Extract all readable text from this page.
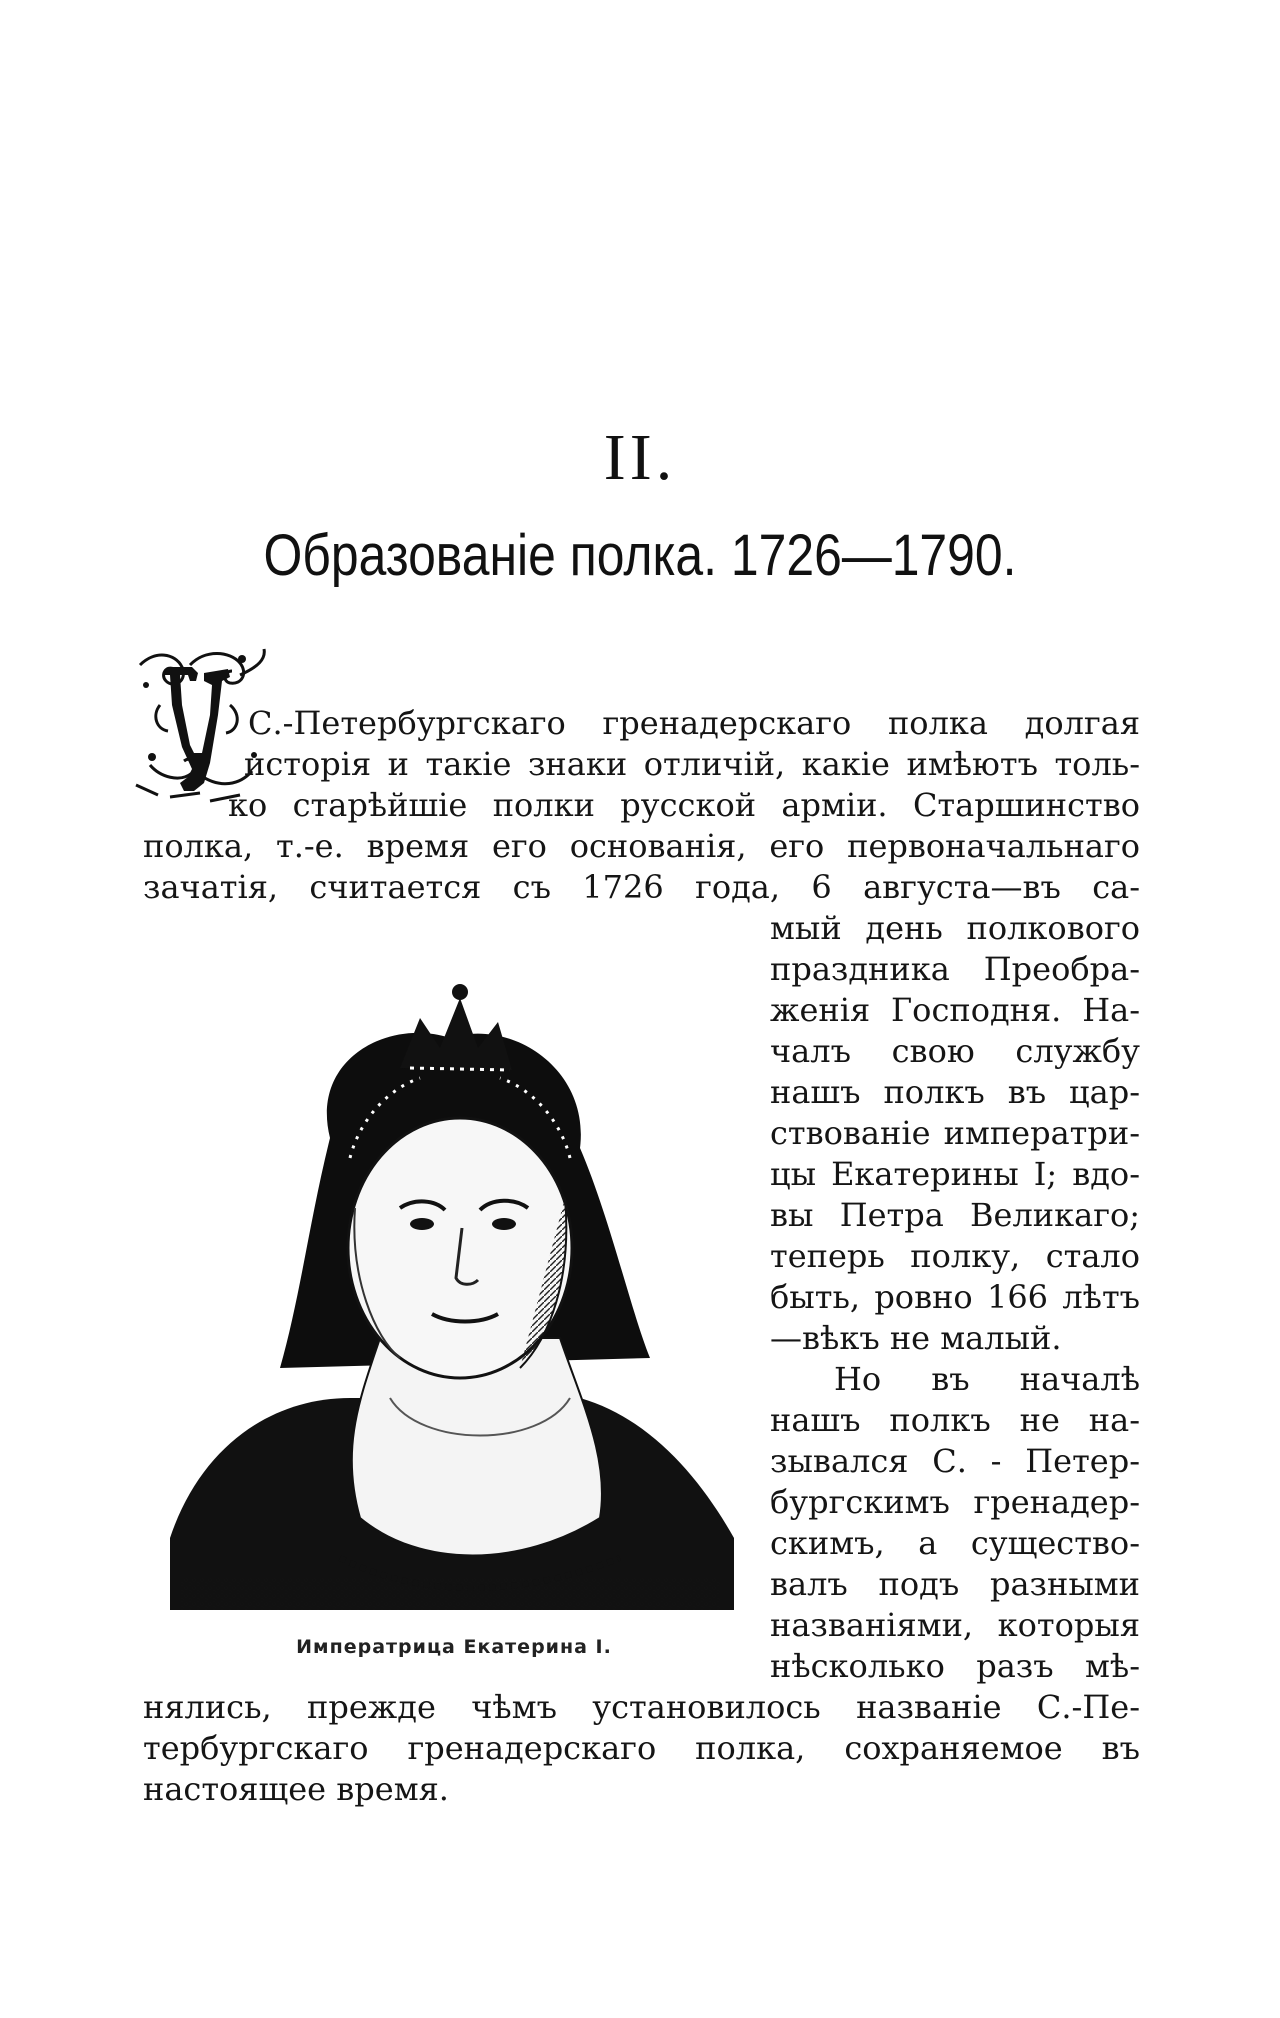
II.
Образованіе полка. 1726—1790.
С.-Петербургскаго гренадерскаго полка долгая
исторія и такіе знаки отличій, какіе имѣютъ толь-
ко старѣйшіе полки русской арміи. Старшинство
полка, т.-е. время его основанія, его первоначальнаго
зачатія, считается съ 1726 года, 6 августа—въ са-
мый день полкового
праздника Преобра-
женія Господня. На-
чалъ свою службу
нашъ полкъ въ цар-
ствованіе императри-
цы Екатерины I; вдо-
вы Петра Великаго;
теперь полку, стало
быть, ровно 166 лѣтъ
—вѣкъ не малый.
Но въ началѣ
нашъ полкъ не на-
зывался С. - Петер-
бургскимъ гренадер-
скимъ, а существо-
валъ подъ разными
названіями, которыя
нѣсколько разъ мѣ-
нялись, прежде чѣмъ установилось названіе С.-Пе-
тербургскаго гренадерскаго полка, сохраняемое въ
настоящее время.
Императрица Екатерина I.
